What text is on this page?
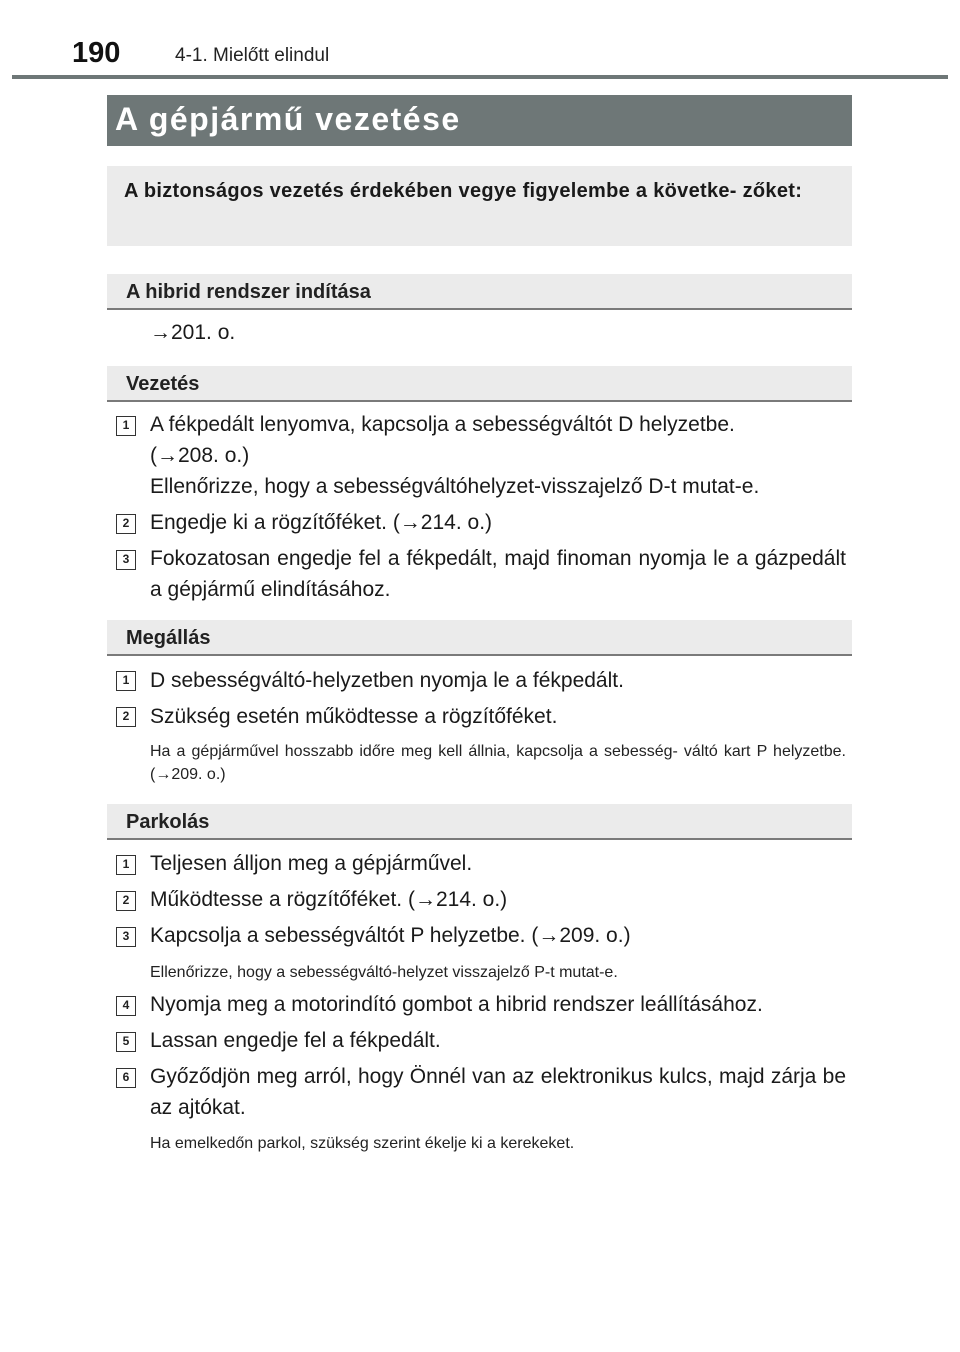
190	4-1. Mielőtt elindul
A gépjármű vezetése
A biztonságos vezetés érdekében vegye figyelembe a követke- zőket:
A hibrid rendszer indítása
→201. o.
Vezetés
1 A fékpedált lenyomva, kapcsolja a sebességváltót D helyzetbe.
(→208. o.)
Ellenőrizze, hogy a sebességváltóhelyzet-visszajelző D-t mutat-e.
2 Engedje ki a rögzítőféket. (→214. o.)
3 Fokozatosan engedje fel a fékpedált, majd finoman nyomja le a gázpedált a gépjármű elindításához.
Megállás
1 D sebességváltó-helyzetben nyomja le a fékpedált.
2 Szükség esetén működtesse a rögzítőféket.
Ha a gépjárművel hosszabb időre meg kell állnia, kapcsolja a sebesség- váltó kart P helyzetbe. (→209. o.)
Parkolás
1 Teljesen álljon meg a gépjárművel.
2 Működtesse a rögzítőféket. (→214. o.)
3 Kapcsolja a sebességváltót P helyzetbe. (→209. o.)
Ellenőrizze, hogy a sebességváltó-helyzet visszajelző P-t mutat-e.
4 Nyomja meg a motorindító gombot a hibrid rendszer leállításához.
5 Lassan engedje fel a fékpedált.
6 Győződjön meg arról, hogy Önnél van az elektronikus kulcs, majd zárja be az ajtókat.
Ha emelkedőn parkol, szükség szerint ékelje ki a kerekeket.
